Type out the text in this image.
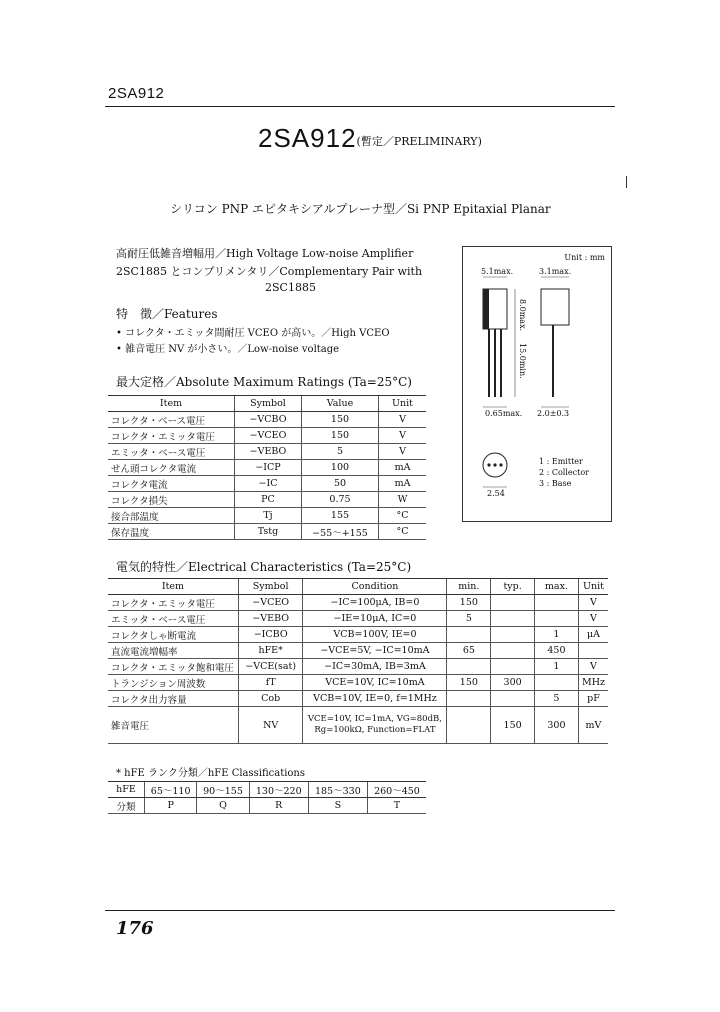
2SA912
2SA912(暫定／PRELIMINARY)
シリコン PNP エピタキシアルプレーナ型／Si PNP Epitaxial Planar
高耐圧低雑音増幅用／High Voltage Low-noise Amplifier
2SC1885 とコンプリメンタリ／Complementary Pair with
2SC1885
特　徴／Features
• コレクタ・エミッタ間耐圧 VCEO が高い。／High VCEO
• 雑音電圧 NV が小さい。／Low-noise voltage
最大定格／Absolute Maximum Ratings (Ta=25°C)
Item	Symbol	Value	Unit
コレクタ・ベース電圧	−VCBO	150	V
コレクタ・エミッタ電圧	−VCEO	150	V
エミッタ・ベース電圧	−VEBO	5	V
せん頭コレクタ電流	−ICP	100	mA
コレクタ電流	−IC	50	mA
コレクタ損失	PC	0.75	W
接合部温度	Tj	155	°C
保存温度	Tstg	−55～+155	°C
Unit : mm
5.1max.	3.1max.
8.0max.
15.0min.
0.65max. 2.0±0.3
2.54
1 : Emitter
2 : Collector
3 : Base
電気的特性／Electrical Characteristics (Ta=25°C)
Item	Symbol	Condition	min.	typ.	max.	Unit
コレクタ・エミッタ電圧	−VCEO	−IC=100μA, IB=0	150			V
エミッタ・ベース電圧	−VEBO	−IE=10μA, IC=0	5			V
コレクタしゃ断電流	−ICBO	VCB=100V, IE=0			1	μA
直流電流増幅率	hFE*	−VCE=5V, −IC=10mA	65		450	
コレクタ・エミッタ飽和電圧	−VCE(sat)	−IC=30mA, IB=3mA			1	V
トランジション周波数	fT	VCE=10V, IC=10mA	150	300		MHz
コレクタ出力容量	Cob	VCB=10V, IE=0, f=1MHz			5	pF
雑音電圧	NV	VCE=10V, IC=1mA, VG=80dB, Rg=100kΩ, Function=FLAT		150	300	mV
* hFE ランク分類／hFE Classifications
hFE	65～110	90～155	130～220	185～330	260～450
分類	P	Q	R	S	T
176
